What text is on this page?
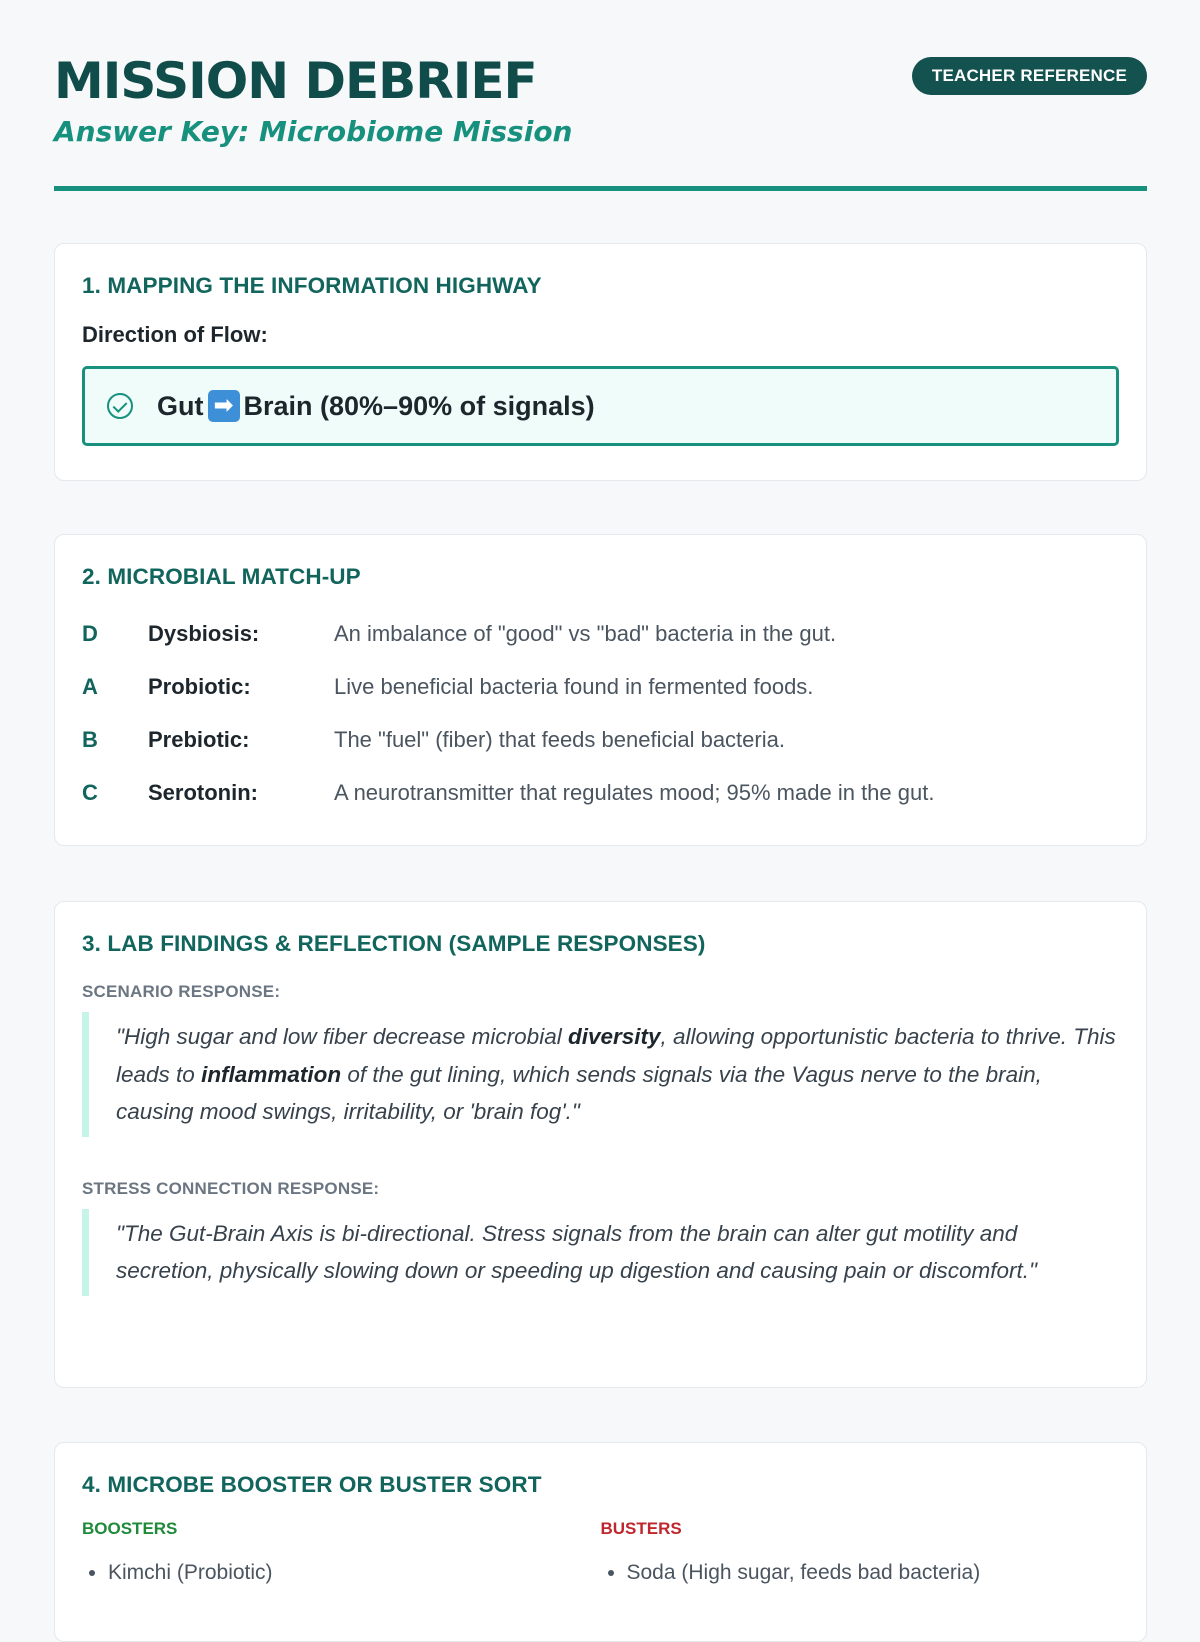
MISSION DEBRIEF
Answer Key: Microbiome Mission
TEACHER REFERENCE
1. MAPPING THE INFORMATION HIGHWAY
Direction of Flow:
Gut ➡ Brain (80%–90% of signals)
2. MICROBIAL MATCH-UP
D	Dysbiosis:	An imbalance of "good" vs "bad" bacteria in the gut.
A	Probiotic:	Live beneficial bacteria found in fermented foods.
B	Prebiotic:	The "fuel" (fiber) that feeds beneficial bacteria.
C	Serotonin:	A neurotransmitter that regulates mood; 95% made in the gut.
3. LAB FINDINGS & REFLECTION (SAMPLE RESPONSES)
SCENARIO RESPONSE:
"High sugar and low fiber decrease microbial diversity, allowing opportunistic bacteria to thrive. This leads to inflammation of the gut lining, which sends signals via the Vagus nerve to the brain, causing mood swings, irritability, or 'brain fog'."
STRESS CONNECTION RESPONSE:
"The Gut-Brain Axis is bi-directional. Stress signals from the brain can alter gut motility and secretion, physically slowing down or speeding up digestion and causing pain or discomfort."
4. MICROBE BOOSTER OR BUSTER SORT
BOOSTERS
• Kimchi (Probiotic)
BUSTERS
• Soda (High sugar, feeds bad bacteria)
